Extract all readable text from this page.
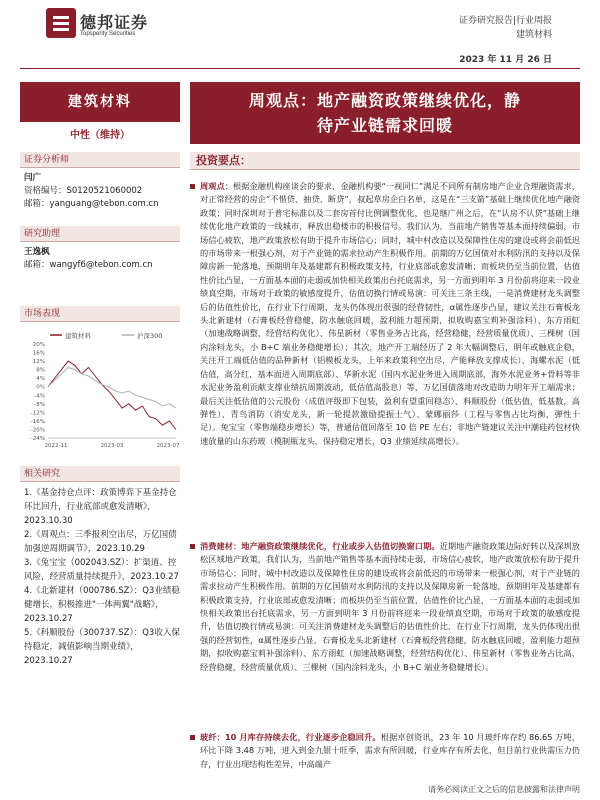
德邦证券
Topsperity Securities
证券研究报告|行业周报
建筑材料
2023 年 11 月 26 日
建筑材料
中性（维持）
证券分析师
闫广
资格编号：S0120521060002
邮箱：yanguang@tebon.com.cn
研究助理
王逸枫
邮箱：wangyf6@tebon.com.cn
市场表现
建筑材料	沪深300
20%
16%
12%
8%
4%
0%
-4%
-8%
-12%
-16%
-20%
-24%
2022-11	2023-03	2023-07
相关研究
1.《基金持仓点评：政策博弈下基金持仓环比回升，行业底部或愈发清晰》，2023.10.30
2.《周观点：三季报利空出尽，万亿国债加强逆周期调节》，2023.10.29
3.《兔宝宝（002043.SZ）：扩渠道、控风险，经营质量持续提升》，2023.10.27
4.《北新建材（000786.SZ）：Q3业绩稳健增长，积极推进"一体两翼"战略》，2023.10.27
5.《科顺股份（300737.SZ）：Q3收入保持稳定，减值影响当期业绩》，2023.10.27
周观点：地产融资政策继续优化，静
待产业链需求回暖
投资要点：
周观点：根据金融机构座谈会的要求，金融机构要“一视同仁”满足不同所有制房地产企业合理融资需求，对正常经营的房企“不惜贷、抽贷、断贷”，叔起草房企白名单，这是在“三支箭”基础上继续优化地产融资政策；同时深圳对于普宅标准以及二套房首付比例调整优化，也是继广州之后，在“认房不认贷”基础上继续优化地产政策的一线城市，释放出稳楼市的积极信号。我们认为，当前地产销售等基本面持续偏弱，市场信心疲软，地产政策放松有助于提升市场信心；同时，城中村改造以及保障性住房的建设或将会前低迟的市场带来一根强心剂，对于产业链的需求拉动产生积极作用。前期的万亿国债对水利防汛的支持以及保障房新一轮落地，预期明年及基建都有积极政策支持，行业底部或愈发清晰；而板块仍至当前位置，估值性价比凸显，一方面基本面的走弱或加快相关政策出台托底需求，另一方面到明年 3 月份前将迎来一段业绩真空期，市场对于政策的敏感度提升，估值切换行情或易演：可关注三条主线，一是消费建材龙头调整后的估值性价比，在行业下行周期，龙头仍体现出很强的经营韧性，α属性逐步凸显，建议关注石膏板龙头北新建材（石膏板经营稳健，防水触底回暖，盈利能力超预期，拟收购嘉宝莉补强涂料）、东方雨虹（加速战略调整，经营结构优化）、伟星新材（零售业务占比高，经营稳健，经营质量优质）、三棵树（国内涂料龙头，小 B+C 端业务稳健增长）；其次，地产开工端经历了 2 年大幅调整后，明年或触底企稳，关注开工端低估值的品种新材（铝模板龙头，上年来政策利空出尽，产能释放支撑成长）、海螺水泥（低估值，高分红，基本面进入周期底部）、华新水泥（国内水泥业务进入周期底部，海外水泥业务+骨料等非水泥业务盈利贡献支撑业绩抗周期波动，低估值高股息）等，万亿国债落地对改造助力明年开工端需求；最后关注低估值的公元股份（成值评级即下包装，盈利有望重回稳态）、科顺股份（低估值，低基数，高弹性）、青鸟消防（消安龙头，新一轮提款激励提振士气）、蒙娜丽莎（工程与零售占比均衡，弹性十足）。兔宝宝（零售端稳步增长）等，普通估值回落至 10 倍 PE 左右；非地产链建议关注中潮硅药包材快速放量的山东药玻（模制瓶龙头，保持稳定增长，Q3 业绩延续高增长）。
消费建材：地产融资政策继续优化，行业或步入估值切换窗口期。近期地产融资政策边际好转以及深圳放松区域地产政策，我们认为，当前地产销售等基本面持续走弱，市场信心疲软，地产政策放松有助于提升市场信心；同时，城中村改造以及保障性住房的建设或将会前低迟的市场带来一根强心剂，对于产业链的需求拉动产生积极作用。前期的万亿国债对水利防汛的支持以及保障房新一轮落地，预期明年及基建都有积极政策支持，行业底部或愈发清晰；而板块仍至当前位置，估值性价比凸显，一方面基本面的走弱或加快相关政策出台托底需求，另一方面到明年 3 月份前将迎来一段业绩真空期，市场对于政策的敏感度提升，估值切换行情或易演：可关注消费建材龙头调整后的估值性价比，在行业下行周期，龙头仍体现出很强的经营韧性，α属性逐步凸显，石膏板龙头北新建材（石膏板经营稳健，防水触底回暖，盈利能力超预期，拟收购嘉宝莉补强涂料）、东方雨虹（加速战略调整，经营结构优化）、伟星新材（零售业务占比高，经营稳健，经营质量优质）、三棵树（国内涂料龙头，小 B+C 端业务稳健增长）。
玻纤：10 月库存持续去化，行业逐步企稳回升。根据卓创资讯，23 年 10 月玻纤库存约 86.65 万吨，环比下降 3.48 万吨，进入到金九银十旺季，需求有所回暖，行业库存有所去化，但目前行业供需压力仍存，行业出现结构性差异，中高端产
请务必阅读正文之后的信息披露和法律声明
